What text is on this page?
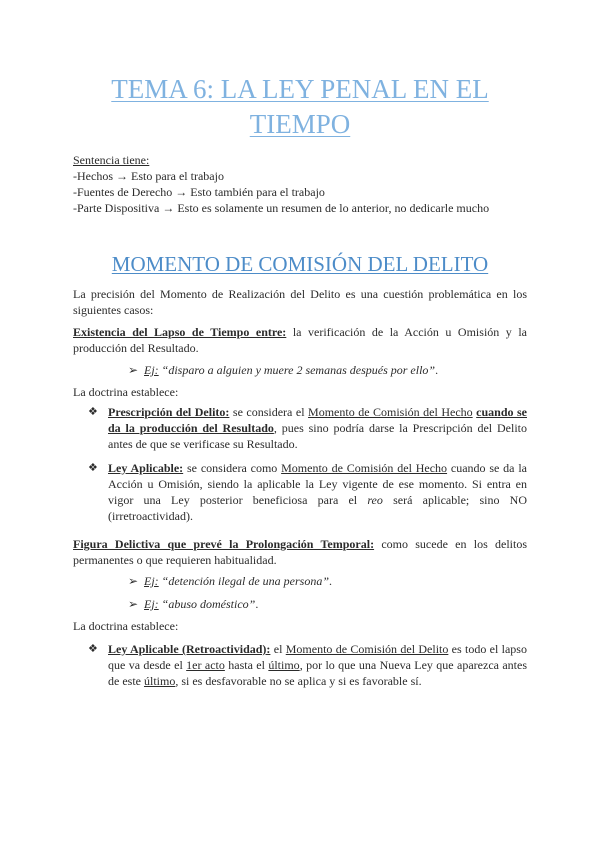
TEMA 6: LA LEY PENAL EN EL TIEMPO
Sentencia tiene:
-Hechos → Esto para el trabajo
-Fuentes de Derecho → Esto también para el trabajo
-Parte Dispositiva → Esto es solamente un resumen de lo anterior, no dedicarle mucho
MOMENTO DE COMISIÓN DEL DELITO
La precisión del Momento de Realización del Delito es una cuestión problemática en los siguientes casos:
Existencia del Lapso de Tiempo entre: la verificación de la Acción u Omisión y la producción del Resultado.
➢ Ej: “disparo a alguien y muere 2 semanas después por ello”.
La doctrina establece:
❖ Prescripción del Delito: se considera el Momento de Comisión del Hecho cuando se da la producción del Resultado, pues sino podría darse la Prescripción del Delito antes de que se verificase su Resultado.
❖ Ley Aplicable: se considera como Momento de Comisión del Hecho cuando se da la Acción u Omisión, siendo la aplicable la Ley vigente de ese momento. Si entra en vigor una Ley posterior beneficiosa para el reo será aplicable; sino NO (irretroactividad).
Figura Delictiva que prevé la Prolongación Temporal: como sucede en los delitos permanentes o que requieren habitualidad.
➢ Ej: “detención ilegal de una persona”.
➢ Ej: “abuso doméstico”.
La doctrina establece:
❖ Ley Aplicable (Retroactividad): el Momento de Comisión del Delito es todo el lapso que va desde el 1er acto hasta el último, por lo que una Nueva Ley que aparezca antes de este último, si es desfavorable no se aplica y si es favorable sí.
